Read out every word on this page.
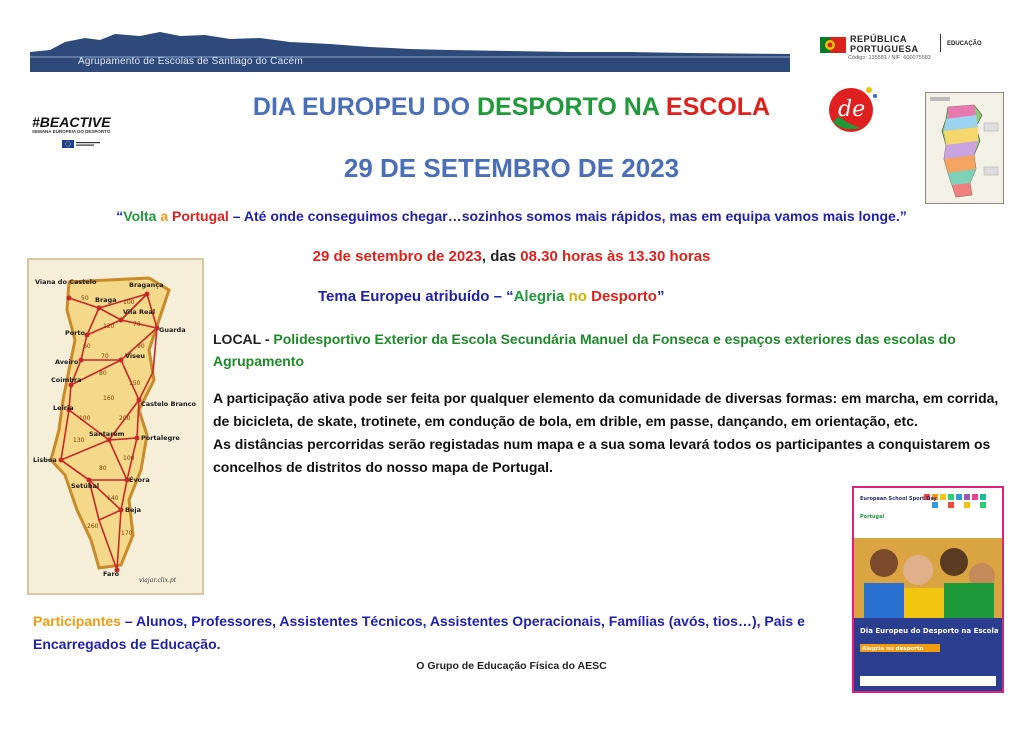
Agrupamento de Escolas de Santiago do Cacém
REPÚBLICA
PORTUGUESA	EDUCAÇÃO
Código: 135581 / NIF: 600075583
#BEACTIVE
SEMANA EUROPEIA DO DESPORTO
DIA EUROPEU DO DESPORTO NA ESCOLA
29 DE SETEMBRO DE 2023
de
“Volta a Portugal – Até onde conseguimos chegar…sozinhos somos mais rápidos, mas em equipa vamos mais longe.”
29 de setembro de 2023, das 08.30 horas às 13.30 horas
Tema Europeu atribuído – “Alegria no Desporto”
Viana do Castelo
Braga
Bragança
Vila Real
Porto
Aveiro
Viseu
Guarda
Coimbra
Castelo Branco
Leiria
Santarém	Portalegre
Lisboa
Setúbal
Évora
Beja
Faro
50
100
120	70
60
70
90
80
150
160
100	200
100
130
80
140
170
260
viajar.clix.pt
LOCAL - Polidesportivo Exterior da Escola Secundária Manuel da Fonseca e espaços exteriores das escolas do Agrupamento
A participação ativa pode ser feita por qualquer elemento da comunidade de diversas formas: em marcha, em corrida, de bicicleta, de skate, trotinete, em condução de bola, em drible, em passe, dançando, em orientação, etc.
As distâncias percorridas serão registadas num mapa e a sua soma levará todos os participantes a conquistarem os concelhos de distritos do nosso mapa de Portugal.
European School Sport Day
Portugal
Dia Europeu do Desporto na Escola
Alegria no desporto
Participantes – Alunos, Professores, Assistentes Técnicos, Assistentes Operacionais, Famílias (avós, tios…), Pais e Encarregados de Educação.
O Grupo de Educação Física do AESC
